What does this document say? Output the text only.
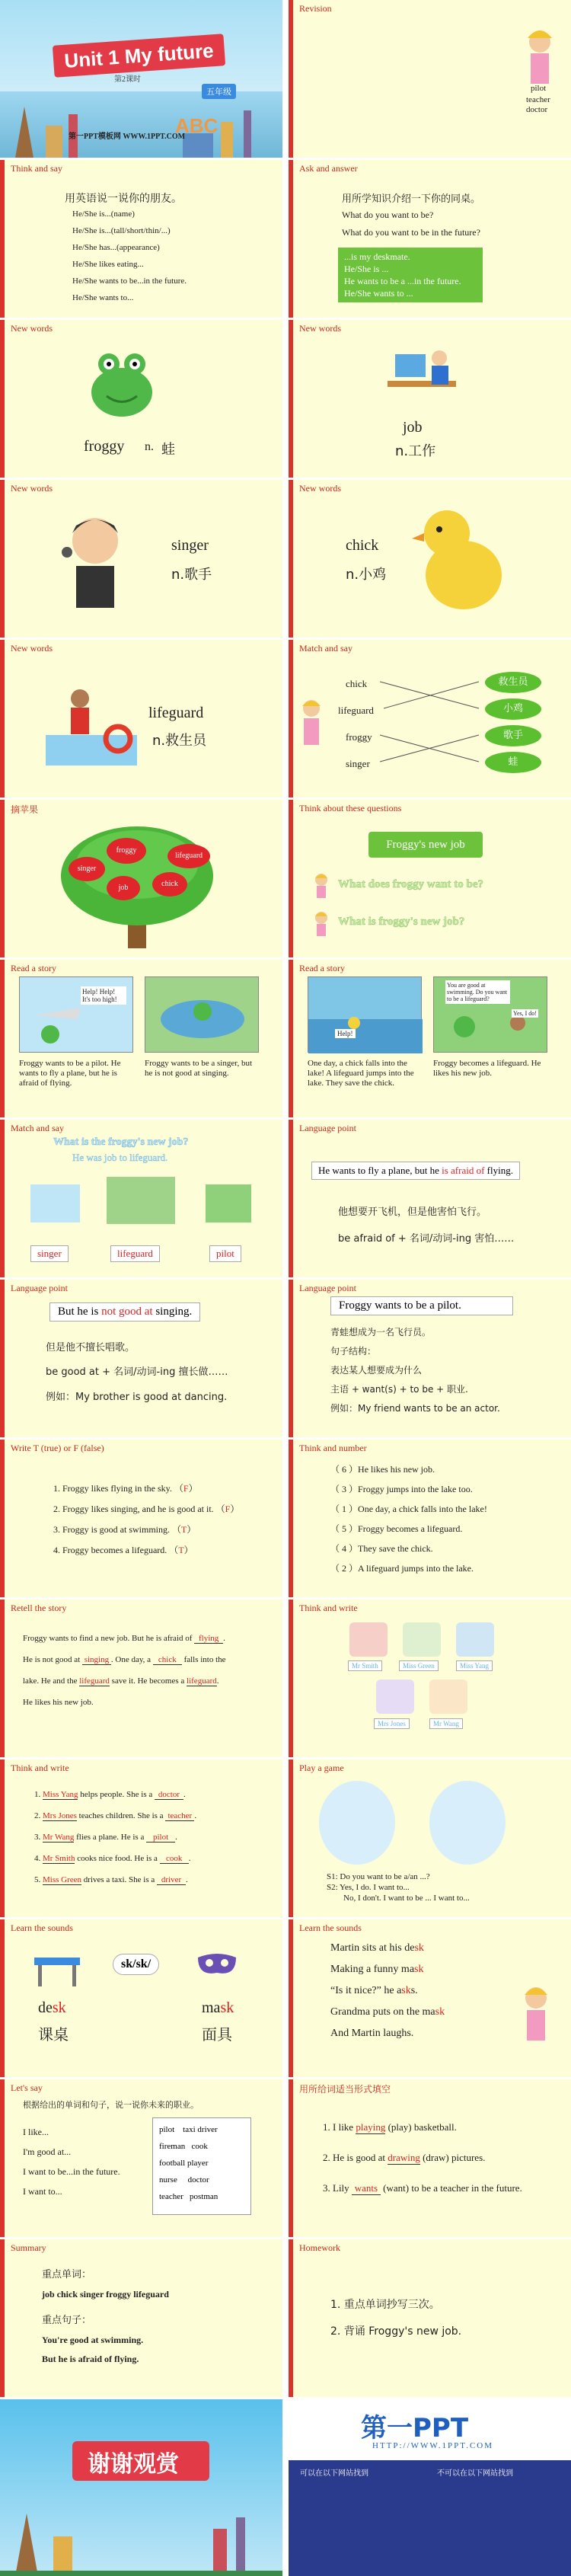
Unit 1 My future
第2课时
五年级
第一PPT模板网 WWW.1PPT.COM
ABC
Revision
pilot
teacher
doctor
Think and say
用英语说一说你的朋友。
He/She is...(name)
He/She is...(tall/short/thin/...)
He/She has...(appearance)
He/She likes eating...
He/She wants to be...in the future.
He/She wants to...
Ask and answer
用所学知识介绍一下你的同桌。
What do you want to be?
What do you want to be in the future?
...is my deskmate.
He/She is ...
He wants to be a ...in the future.
He/She wants to ...
New words
froggy n. 蛙
New words
job
n.工作
New words
singer
n.歌手
New words
chick
n.小鸡
New words
lifeguard
n.救生员
Match and say
chick
lifeguard
froggy
singer
救生员
小鸡
歌手
蛙
摘苹果
froggy
singer
job	chick
lifeguard
Think about these questions
Froggy's new job
What does froggy want to be?
What is froggy's new job?
Read a story
Help! Help! It's too high!
Froggy wants to be a pilot. He wants to fly a plane, but he is afraid of flying.
Froggy wants to be a singer, but he is not good at singing.
Read a story
Help!
You are good at swimming. Do you want to be a lifeguard?
Yes, I do!
One day, a chick falls into the lake! A lifeguard jumps into the lake. They save the chick.
Froggy becomes a lifeguard. He likes his new job.
Match and say
What is the froggy's new job?
He was job to lifeguard.
singer	lifeguard	pilot
Language point
He wants to fly a plane, but he is afraid of flying.
他想要开飞机，但是他害怕飞行。
be afraid of + 名词/动词-ing 害怕……
Language point
But he is not good at singing.
但是他不擅长唱歌。
be good at + 名词/动词-ing 擅长做……
例如：My brother is good at dancing.
Language point
Froggy wants to be a pilot.
青蛙想成为一名飞行员。
句子结构：
表达某人想要成为什么
主语 + want(s) + to be + 职业.
例如：My friend wants to be an actor.
Write T (true) or F (false)
1. Froggy likes flying in the sky. （F）
2. Froggy likes singing, and he is good at it. （F）
3. Froggy is good at swimming. （T）
4. Froggy becomes a lifeguard. （T）
Think and number
（ 6 ）He likes his new job.
（ 3 ）Froggy jumps into the lake too.
（ 1 ）One day, a chick falls into the lake!
（ 5 ）Froggy becomes a lifeguard.
（ 4 ）They save the chick.
（ 2 ）A lifeguard jumps into the lake.
Retell the story
Froggy wants to find a new job. But he is afraid of flying .
He is not good at singing . One day, a chick falls into the
lake. He and the lifeguard save it. He becomes a lifeguard.
He likes his new job.
Think and write
Mr Smith	Miss Green	Miss Yang
Mrs Jones	Mr Wang
Think and write
1. Miss Yang helps people. She is a doctor .
2. Mrs Jones teaches children. She is a teacher .
3. Mr Wang flies a plane. He is a pilot .
4. Mr Smith cooks nice food. He is a cook .
5. Miss Green drives a taxi. She is a driver .
Play a game
S1: Do you want to be a/an ...?
S2: Yes, I do. I want to...
No, I don't. I want to be ... I want to...
Learn the sounds
sk/sk/
desk
课桌
mask
面具
Learn the sounds
Martin sits at his desk
Making a funny mask
“Is it nice?” he asks.
Grandma puts on the mask
And Martin laughs.
Let's say
根据给出的单词和句子，说一说你未来的职业。
I like...
I'm good at...
I want to be...in the future.
I want to...
pilot taxi driver
fireman cook
football player
nurse doctor
teacher postman
用所给词适当形式填空
1. I like playing (play) basketball.
2. He is good at drawing (draw) pictures.
3. Lily wants (want) to be a teacher in the future.
Summary
重点单词：
job chick singer froggy lifeguard
重点句子：
You're good at swimming.
But he is afraid of flying.
Homework
1. 重点单词抄写三次。
2. 背诵 Froggy's new job.
谢谢观赏
第一PPT
HTTP://WWW.1PPT.COM
可以在以下网站找到	不可以在以下网站找到
